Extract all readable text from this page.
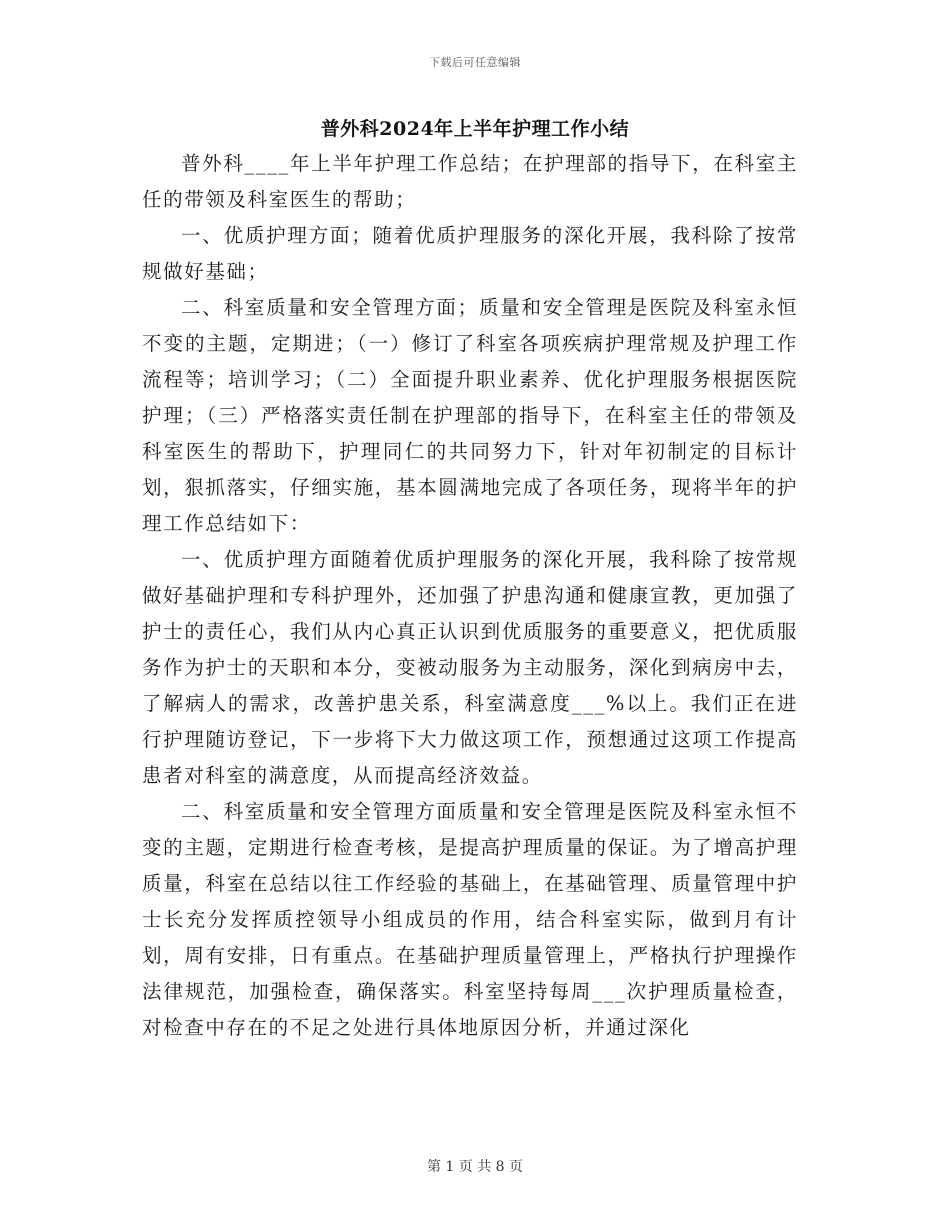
下载后可任意编辑
普外科2024年上半年护理工作小结

普外科____年上半年护理工作总结；在护理部的指导下，在科室主任的带领及科室医生的帮助；

一、优质护理方面；随着优质护理服务的深化开展，我科除了按常规做好基础；

二、科室质量和安全管理方面；质量和安全管理是医院及科室永恒不变的主题，定期进；（一）修订了科室各项疾病护理常规及护理工作流程等；培训学习；（二）全面提升职业素养、优化护理服务根据医院护理；（三）严格落实责任制在护理部的指导下，在科室主任的带领及科室医生的帮助下，护理同仁的共同努力下，针对年初制定的目标计划，狠抓落实，仔细实施，基本圆满地完成了各项任务，现将半年的护理工作总结如下：

一、优质护理方面随着优质护理服务的深化开展，我科除了按常规做好基础护理和专科护理外，还加强了护患沟通和健康宣教，更加强了护士的责任心，我们从内心真正认识到优质服务的重要意义，把优质服务作为护士的天职和本分，变被动服务为主动服务，深化到病房中去，了解病人的需求，改善护患关系，科室满意度___%以上。我们正在进行护理随访登记，下一步将下大力做这项工作，预想通过这项工作提高患者对科室的满意度，从而提高经济效益。

二、科室质量和安全管理方面质量和安全管理是医院及科室永恒不变的主题，定期进行检查考核，是提高护理质量的保证。为了增高护理质量，科室在总结以往工作经验的基础上，在基础管理、质量管理中护士长充分发挥质控领导小组成员的作用，结合科室实际，做到月有计划，周有安排，日有重点。在基础护理质量管理上，严格执行护理操作法律规范，加强检查，确保落实。科室坚持每周___次护理质量检查，对检查中存在的不足之处进行具体地原因分析，并通过深化

第 1 页 共 8 页
